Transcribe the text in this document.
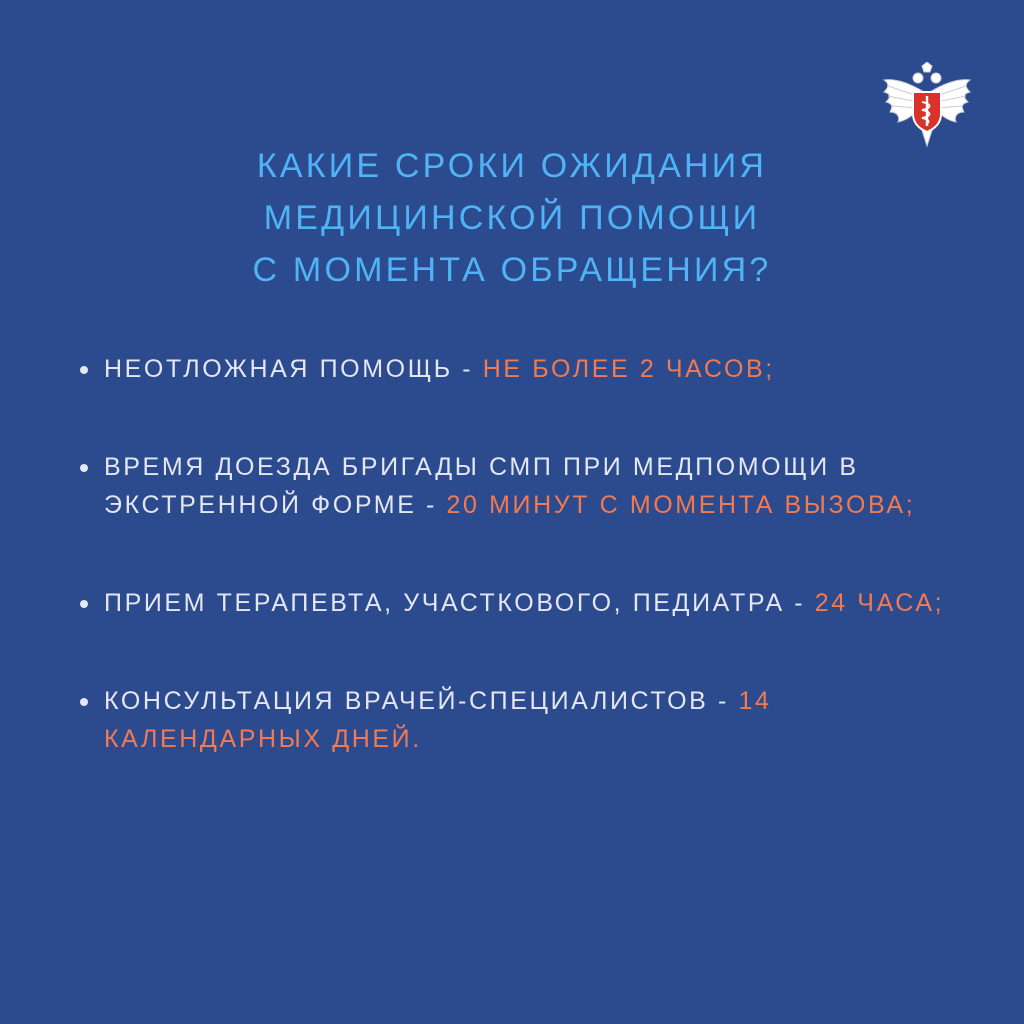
КАКИЕ СРОКИ ОЖИДАНИЯ
МЕДИЦИНСКОЙ ПОМОЩИ
С МОМЕНТА ОБРАЩЕНИЯ?
НЕОТЛОЖНАЯ ПОМОЩЬ - НЕ БОЛЕЕ 2 ЧАСОВ;
ВРЕМЯ ДОЕЗДА БРИГАДЫ СМП ПРИ МЕДПОМОЩИ В ЭКСТРЕННОЙ ФОРМЕ - 20 МИНУТ С МОМЕНТА ВЫЗОВА;
ПРИЕМ ТЕРАПЕВТА, УЧАСТКОВОГО, ПЕДИАТРА - 24 ЧАСА;
КОНСУЛЬТАЦИЯ ВРАЧЕЙ-СПЕЦИАЛИСТОВ - 14 КАЛЕНДАРНЫХ ДНЕЙ.
